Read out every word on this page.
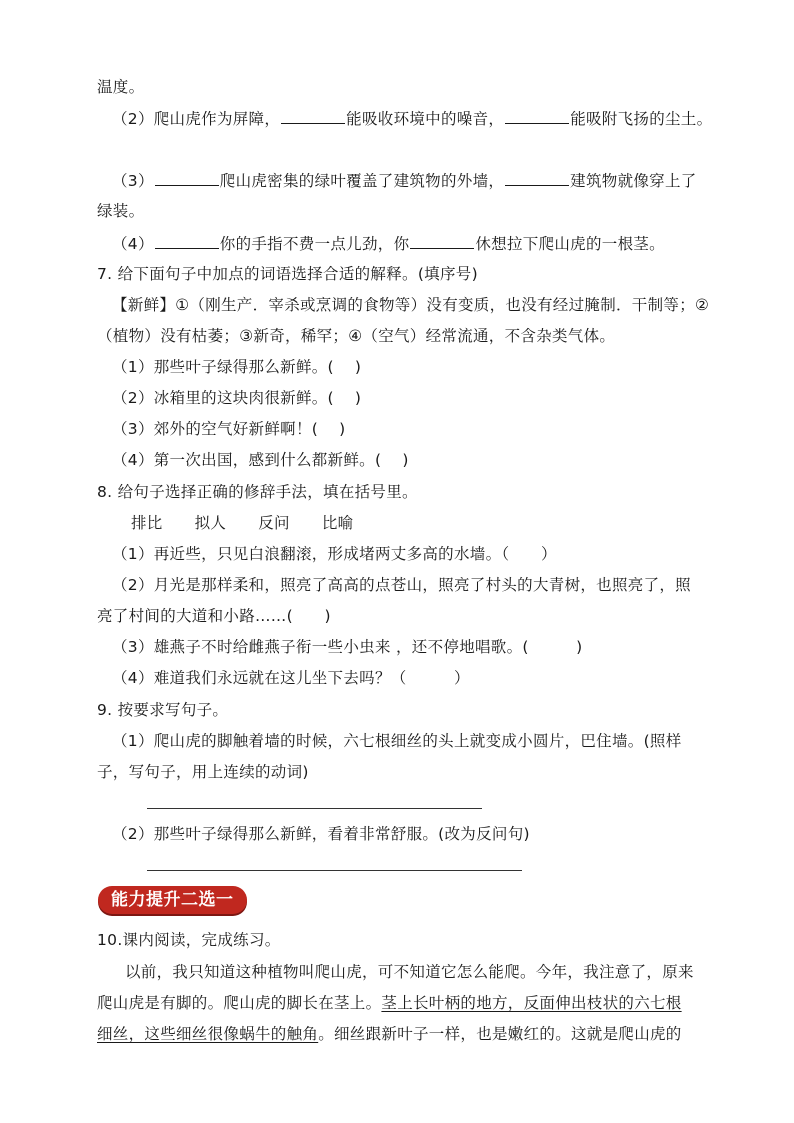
温度。
（2）爬山虎作为屏障，	能吸收环境中的噪音，	能吸附飞扬的尘土。
（3）	爬山虎密集的绿叶覆盖了建筑物的外墙，	建筑物就像穿上了
绿装。
（4）	你的手指不费一点儿劲，你	休想拉下爬山虎的一根茎。
7. 给下面句子中加点的词语选择合适的解释。(填序号)
【新鲜】①（刚生产．宰杀或烹调的食物等）没有变质，也没有经过腌制．干制等；②
（植物）没有枯萎；③新奇，稀罕；④（空气）经常流通，不含杂类气体。
（1）那些叶子绿得那么新鲜。(　 )
（2）冰箱里的这块肉很新鲜。(　 )
（3）郊外的空气好新鲜啊！(　 )
（4）第一次出国，感到什么都新鲜。(　 )
8. 给句子选择正确的修辞手法，填在括号里。
排比 拟人 反问 比喻
（1）再近些，只见白浪翻滚，形成堵两丈多高的水墙。（　　）
（2）月光是那样柔和，照亮了高高的点苍山，照亮了村头的大青树，也照亮了，照
亮了村间的大道和小路……(　　)
（3）雄燕子不时给雌燕子衔一些小虫来 ，还不停地唱歌。(　　　)
（4）难道我们永远就在这儿坐下去吗？（　　　）
9. 按要求写句子。
（1）爬山虎的脚触着墙的时候，六七根细丝的头上就变成小圆片，巴住墙。(照样
子，写句子，用上连续的动词)
（2）那些叶子绿得那么新鲜，看着非常舒服。(改为反问句)
能力提升二选一
10.课内阅读，完成练习。
以前，我只知道这种植物叫爬山虎，可不知道它怎么能爬。今年，我注意了，原来
爬山虎是有脚的。爬山虎的脚长在茎上。茎上长叶柄的地方，反面伸出枝状的六七根
细丝，这些细丝很像蜗牛的触角。细丝跟新叶子一样，也是嫩红的。这就是爬山虎的
